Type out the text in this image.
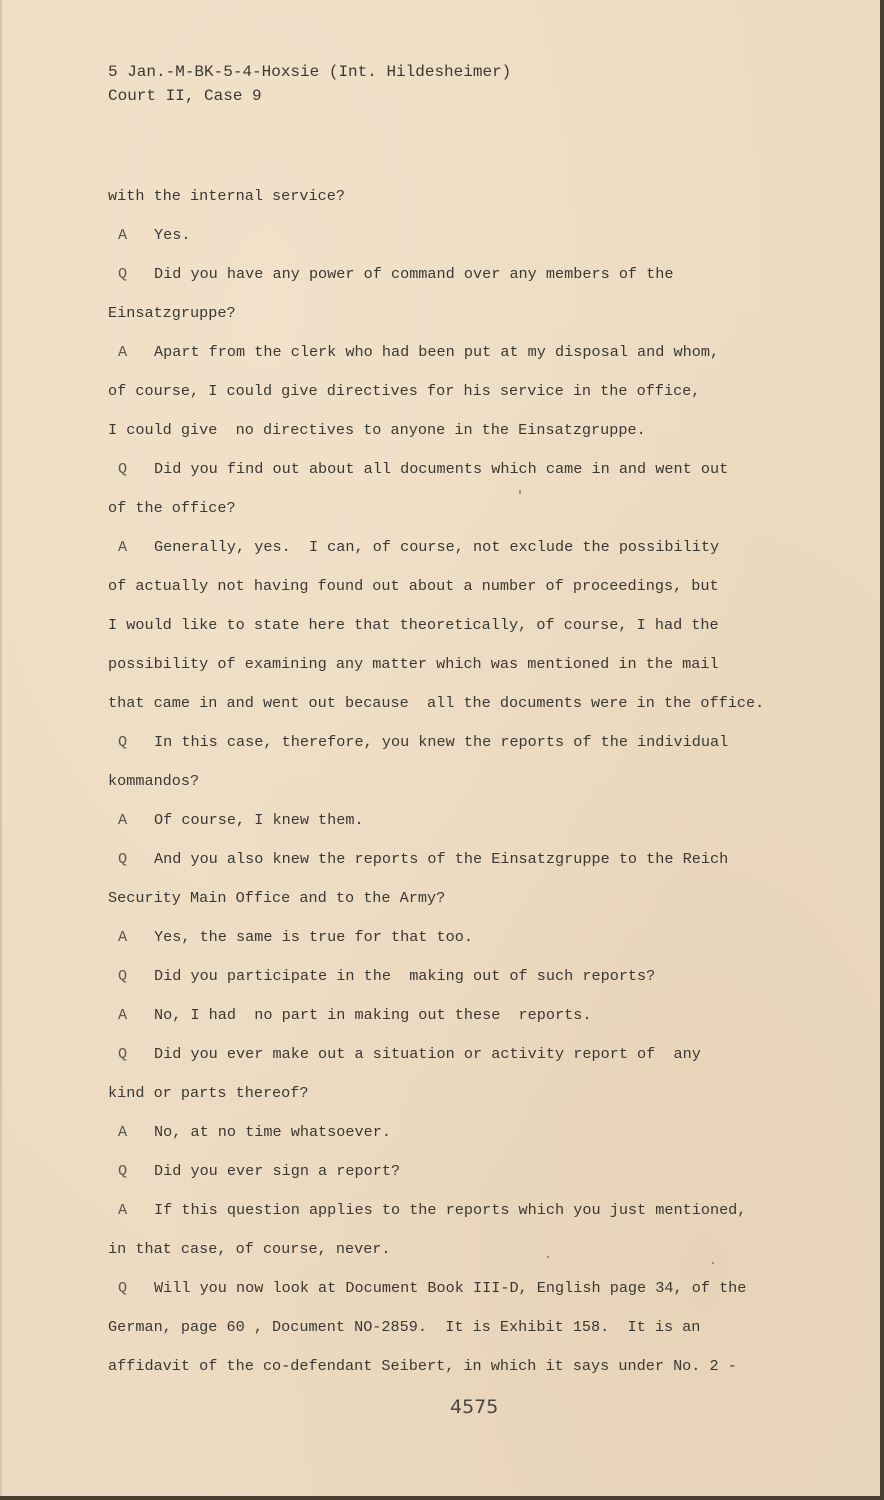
5 Jan.-M-BK-5-4-Hoxsie (Int. Hildesheimer)
Court II, Case 9
with the internal service?
A Yes.
Q Did you have any power of command over any members of the
Einsatzgruppe?
A Apart from the clerk who had been put at my disposal and whom,
of course, I could give directives for his service in the office,
I could give  no directives to anyone in the Einsatzgruppe.
Q Did you find out about all documents which came in and went out
of the office?
A Generally, yes.  I can, of course, not exclude the possibility
of actually not having found out about a number of proceedings, but
I would like to state here that theoretically, of course, I had the
possibility of examining any matter which was mentioned in the mail
that came in and went out because  all the documents were in the office.
Q In this case, therefore, you knew the reports of the individual
kommandos?
A Of course, I knew them.
Q And you also knew the reports of the Einsatzgruppe to the Reich
Security Main Office and to the Army?
A Yes, the same is true for that too.
Q Did you participate in the  making out of such reports?
A No, I had  no part in making out these  reports.
Q Did you ever make out a situation or activity report of  any
kind or parts thereof?
A No, at no time whatsoever.
Q Did you ever sign a report?
A If this question applies to the reports which you just mentioned,
in that case, of course, never.
Q Will you now look at Document Book III-D, English page 34, of the
German, page 60 , Document NO-2859.  It is Exhibit 158.  It is an
affidavit of the co-defendant Seibert, in which it says under No. 2 -
4575
